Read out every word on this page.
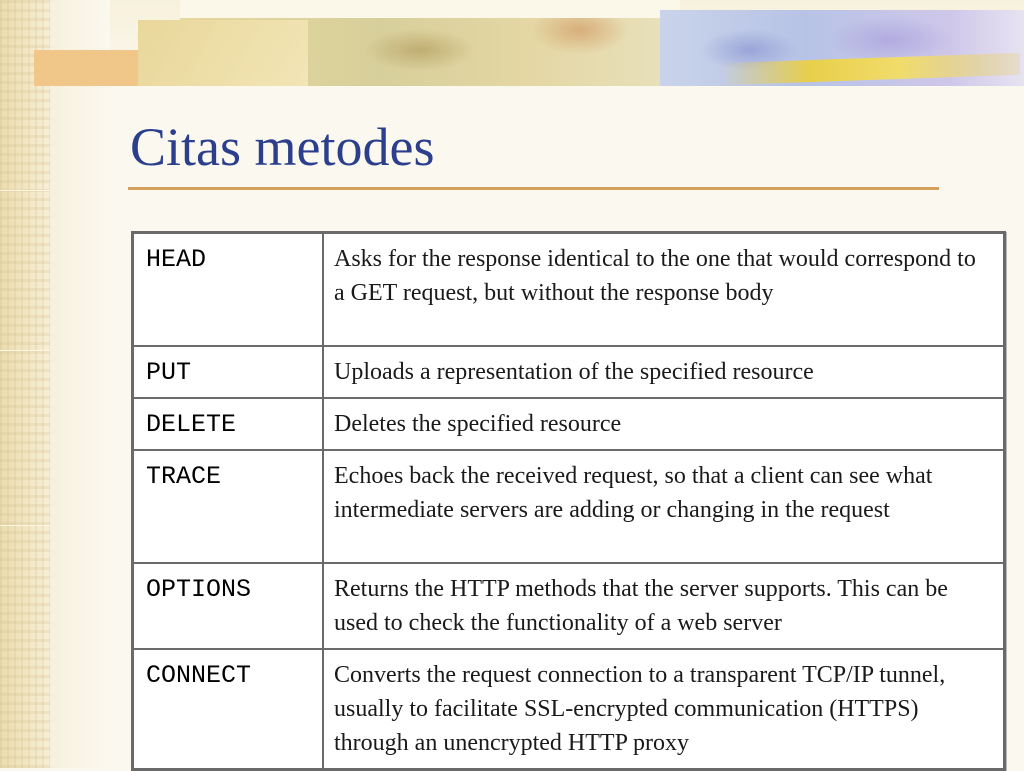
Citas metodes
HEAD	Asks for the response identical to the one that would correspond to a GET request, but without the response body
PUT	Uploads a representation of the specified resource
DELETE	Deletes the specified resource
TRACE	Echoes back the received request, so that a client can see what intermediate servers are adding or changing in the request
OPTIONS	Returns the HTTP methods that the server supports. This can be used to check the functionality of a web server
CONNECT	Converts the request connection to a transparent TCP/IP tunnel, usually to facilitate SSL-encrypted communication (HTTPS) through an unencrypted HTTP proxy
